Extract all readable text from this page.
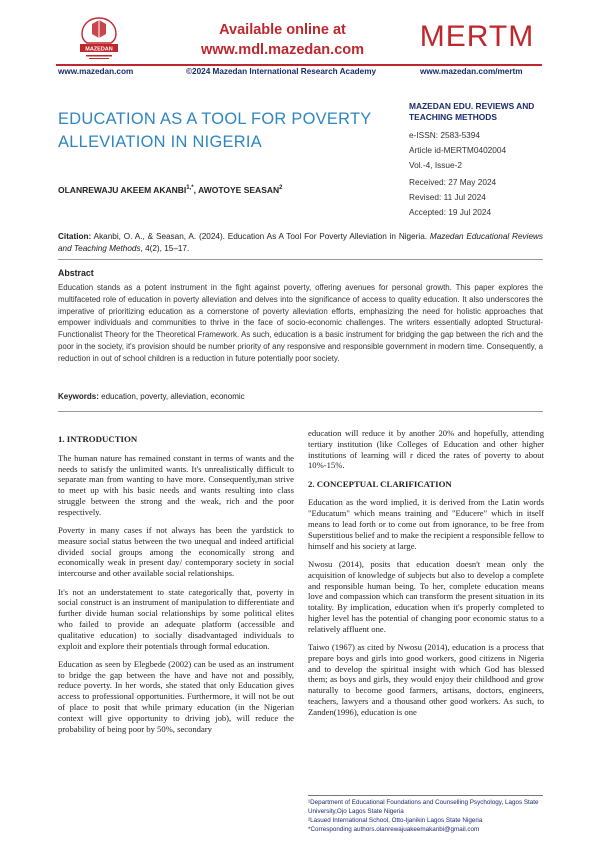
MAZEDAN
Available online at
www.mdl.mazedan.com	MERTM
www.mazedan.com	©2024 Mazedan International Research Academy	www.mazedan.com/mertm
EDUCATION AS A TOOL FOR POVERTY ALLEVIATION IN NIGERIA
OLANREWAJU AKEEM $AKANBI^{1,*}$, AWOTOYE SEASAN$^2$
MAZEDAN EDU. REVIEWS AND TEACHING METHODS
e-ISSN: 2583-5394
Article id-MERTM0402004
Vol.-4, Issue-2
Received: 27 May 2024
Revised: 11 Jul 2024
Accepted: 19 Jul 2024
Citation: Akanbi, O. A., & Seasan, A. (2024). Education As A Tool For Poverty Alleviation in Nigeria. Mazedan Educational Reviews and Teaching Methods, 4(2), 15–17.
Abstract
Education stands as a potent instrument in the fight against poverty, offering avenues for personal growth. This paper explores the multifaceted role of education in poverty alleviation and delves into the significance of access to quality education. It also underscores the imperative of prioritizing education as a cornerstone of poverty alleviation efforts, emphasizing the need for holistic approaches that empower individuals and communities to thrive in the face of socio-economic challenges. The writers essentially adopted Structural-Functionalist Theory for the Theoretical Framework. As such, education is a basic instrument for bridging the gap between the rich and the poor in the society, it's provision should be number priority of any responsive and responsible government in modern time. Consequently, a reduction in out of school children is a reduction in future potentially poor society.
Keywords: education, poverty, alleviation, economic
1. INTRODUCTION

The human nature has remained constant in terms of wants and the needs to satisfy the unlimited wants. It's unrealistically difficult to separate man from wanting to have more. Consequently,man strive to meet up with his basic needs and wants resulting into class struggle between the strong and the weak, rich and the poor respectively.

Poverty in many cases if not always has been the yardstick to measure social status between the two unequal and indeed artificial divided social groups among the economically strong and economically weak in present day/ contemporary society in social intercourse and other available social relationships.

It's not an understatement to state categorically that, poverty in social construct is an instrument of manipulation to differentiate and further divide human social relationships by some political elites who failed to provide an adequate platform (accessible and qualitative education) to socially disadvantaged individuals to exploit and explore their potentials through formal education.

Education as seen by Elegbede (2002) can be used as an instrument to bridge the gap between the have and have not and possibly, reduce poverty. In her words, she stated that only Education gives access to professional opportunities. Furthermore, it will not be out of place to posit that while primary education (in the Nigerian context will give opportunity to driving job), will reduce the probability of being poor by 50%, secondary

education will reduce it by another 20% and hopefully, attending tertiary institution (like Colleges of Education and other higher institutions of learning will r diced the rates of poverty to about 10%-15%.

2. CONCEPTUAL CLARIFICATION

Education as the word implied, it is derived from the Latin words "Educatum" which means training and "Educere" which in itself means to lead forth or to come out from ignorance, to be free from Superstitious belief and to make the recipient a responsible fellow to himself and his society at large.

Nwosu (2014), posits that education doesn't mean only the acquisition of knowledge of subjects but also to develop a complete and responsible human being. To her, complete education means love and compassion which can transform the present situation in its totality. By implication, education when it's properly completed to higher level has the potential of changing poor economic status to a relatively affluent one.

Taiwo (1967) as cited by Nwosu (2014), education is a process that prepare boys and girls into good workers, good citizens in Nigeria and to develop the spiritual insight with which God has blessed them; as boys and girls, they would enjoy their childhood and grow naturally to become good farmers, artisans, doctors, engineers, teachers, lawyers and a thousand other good workers. As such, to Zanden(1996), education is one

¹Department of Educational Foundations and Counselling Psychology, Lagos State University,Ojo Lagos State Nigeria
²Lasued International School, Otto-Ijanikin Lagos State Nigeria
*Corresponding authors.olanrewajuakeemakanbi@gmail.com
